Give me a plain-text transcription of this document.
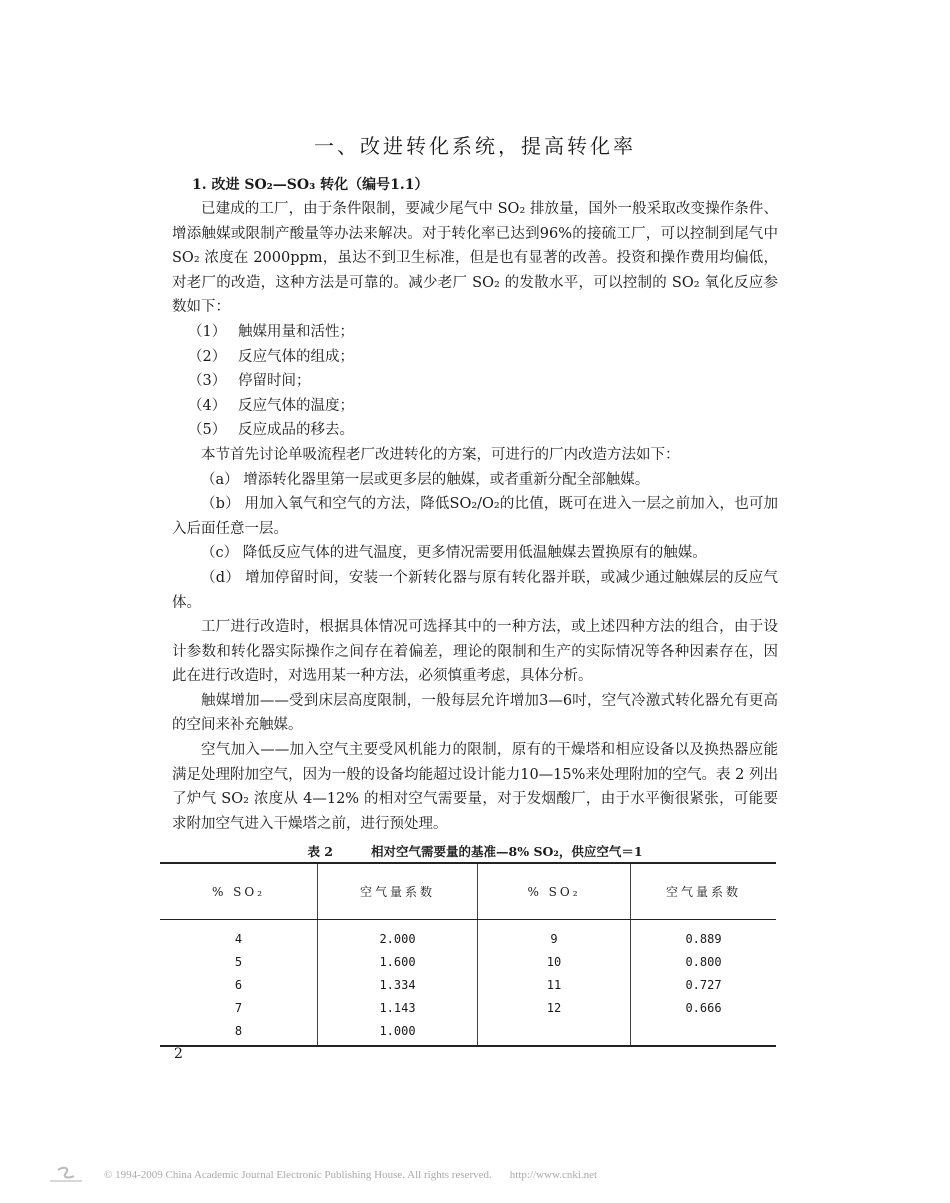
一、改进转化系统，提高转化率
1. 改进 SO₂—SO₃ 转化（编号1.1）

已建成的工厂，由于条件限制，要减少尾气中 SO₂ 排放量，国外一般采取改变操作条件、增添触媒或限制产酸量等办法来解决。对于转化率已达到96%的接硫工厂，可以控制到尾气中 SO₂ 浓度在 2000ppm，虽达不到卫生标准，但是也有显著的改善。投资和操作费用均偏低，对老厂的改造，这种方法是可靠的。减少老厂 SO₂ 的发散水平，可以控制的 SO₂ 氧化反应参数如下：

（1） 触媒用量和活性；

（2） 反应气体的组成；

（3） 停留时间；

（4） 反应气体的温度；

（5） 反应成品的移去。

本节首先讨论单吸流程老厂改进转化的方案，可进行的厂内改造方法如下：

（a） 增添转化器里第一层或更多层的触媒，或者重新分配全部触媒。

（b） 用加入氧气和空气的方法，降低SO₂/O₂的比值，既可在进入一层之前加入，也可加入后面任意一层。

（c） 降低反应气体的进气温度，更多情况需要用低温触媒去置换原有的触媒。

（d） 增加停留时间，安装一个新转化器与原有转化器并联，或减少通过触媒层的反应气体。

工厂进行改造时，根据具体情况可选择其中的一种方法，或上述四种方法的组合，由于设计参数和转化器实际操作之间存在着偏差，理论的限制和生产的实际情况等各种因素存在，因此在进行改造时，对选用某一种方法，必须慎重考虑，具体分析。

触媒增加——受到床层高度限制，一般每层允许增加3—6吋，空气冷激式转化器允有更高的空间来补充触媒。

空气加入——加入空气主要受风机能力的限制，原有的干燥塔和相应设备以及换热器应能满足处理附加空气，因为一般的设备均能超过设计能力10—15%来处理附加的空气。表 2 列出了炉气 SO₂ 浓度从 4—12% 的相对空气需要量，对于发烟酸厂，由于水平衡很紧张，可能要求附加空气进入干燥塔之前，进行预处理。

表 2	相对空气需要量的基准—8% SO₂，供应空气＝1
% SO₂	空气量系数	% SO₂	空气量系数
4	2.000	9	0.889
5	1.600	10	0.800
6	1.334	11	0.727
7	1.143	12	0.666
8	1.000		
2
© 1994-2009 China Academic Journal Electronic Publishing House. All rights reserved. http://www.cnki.net
